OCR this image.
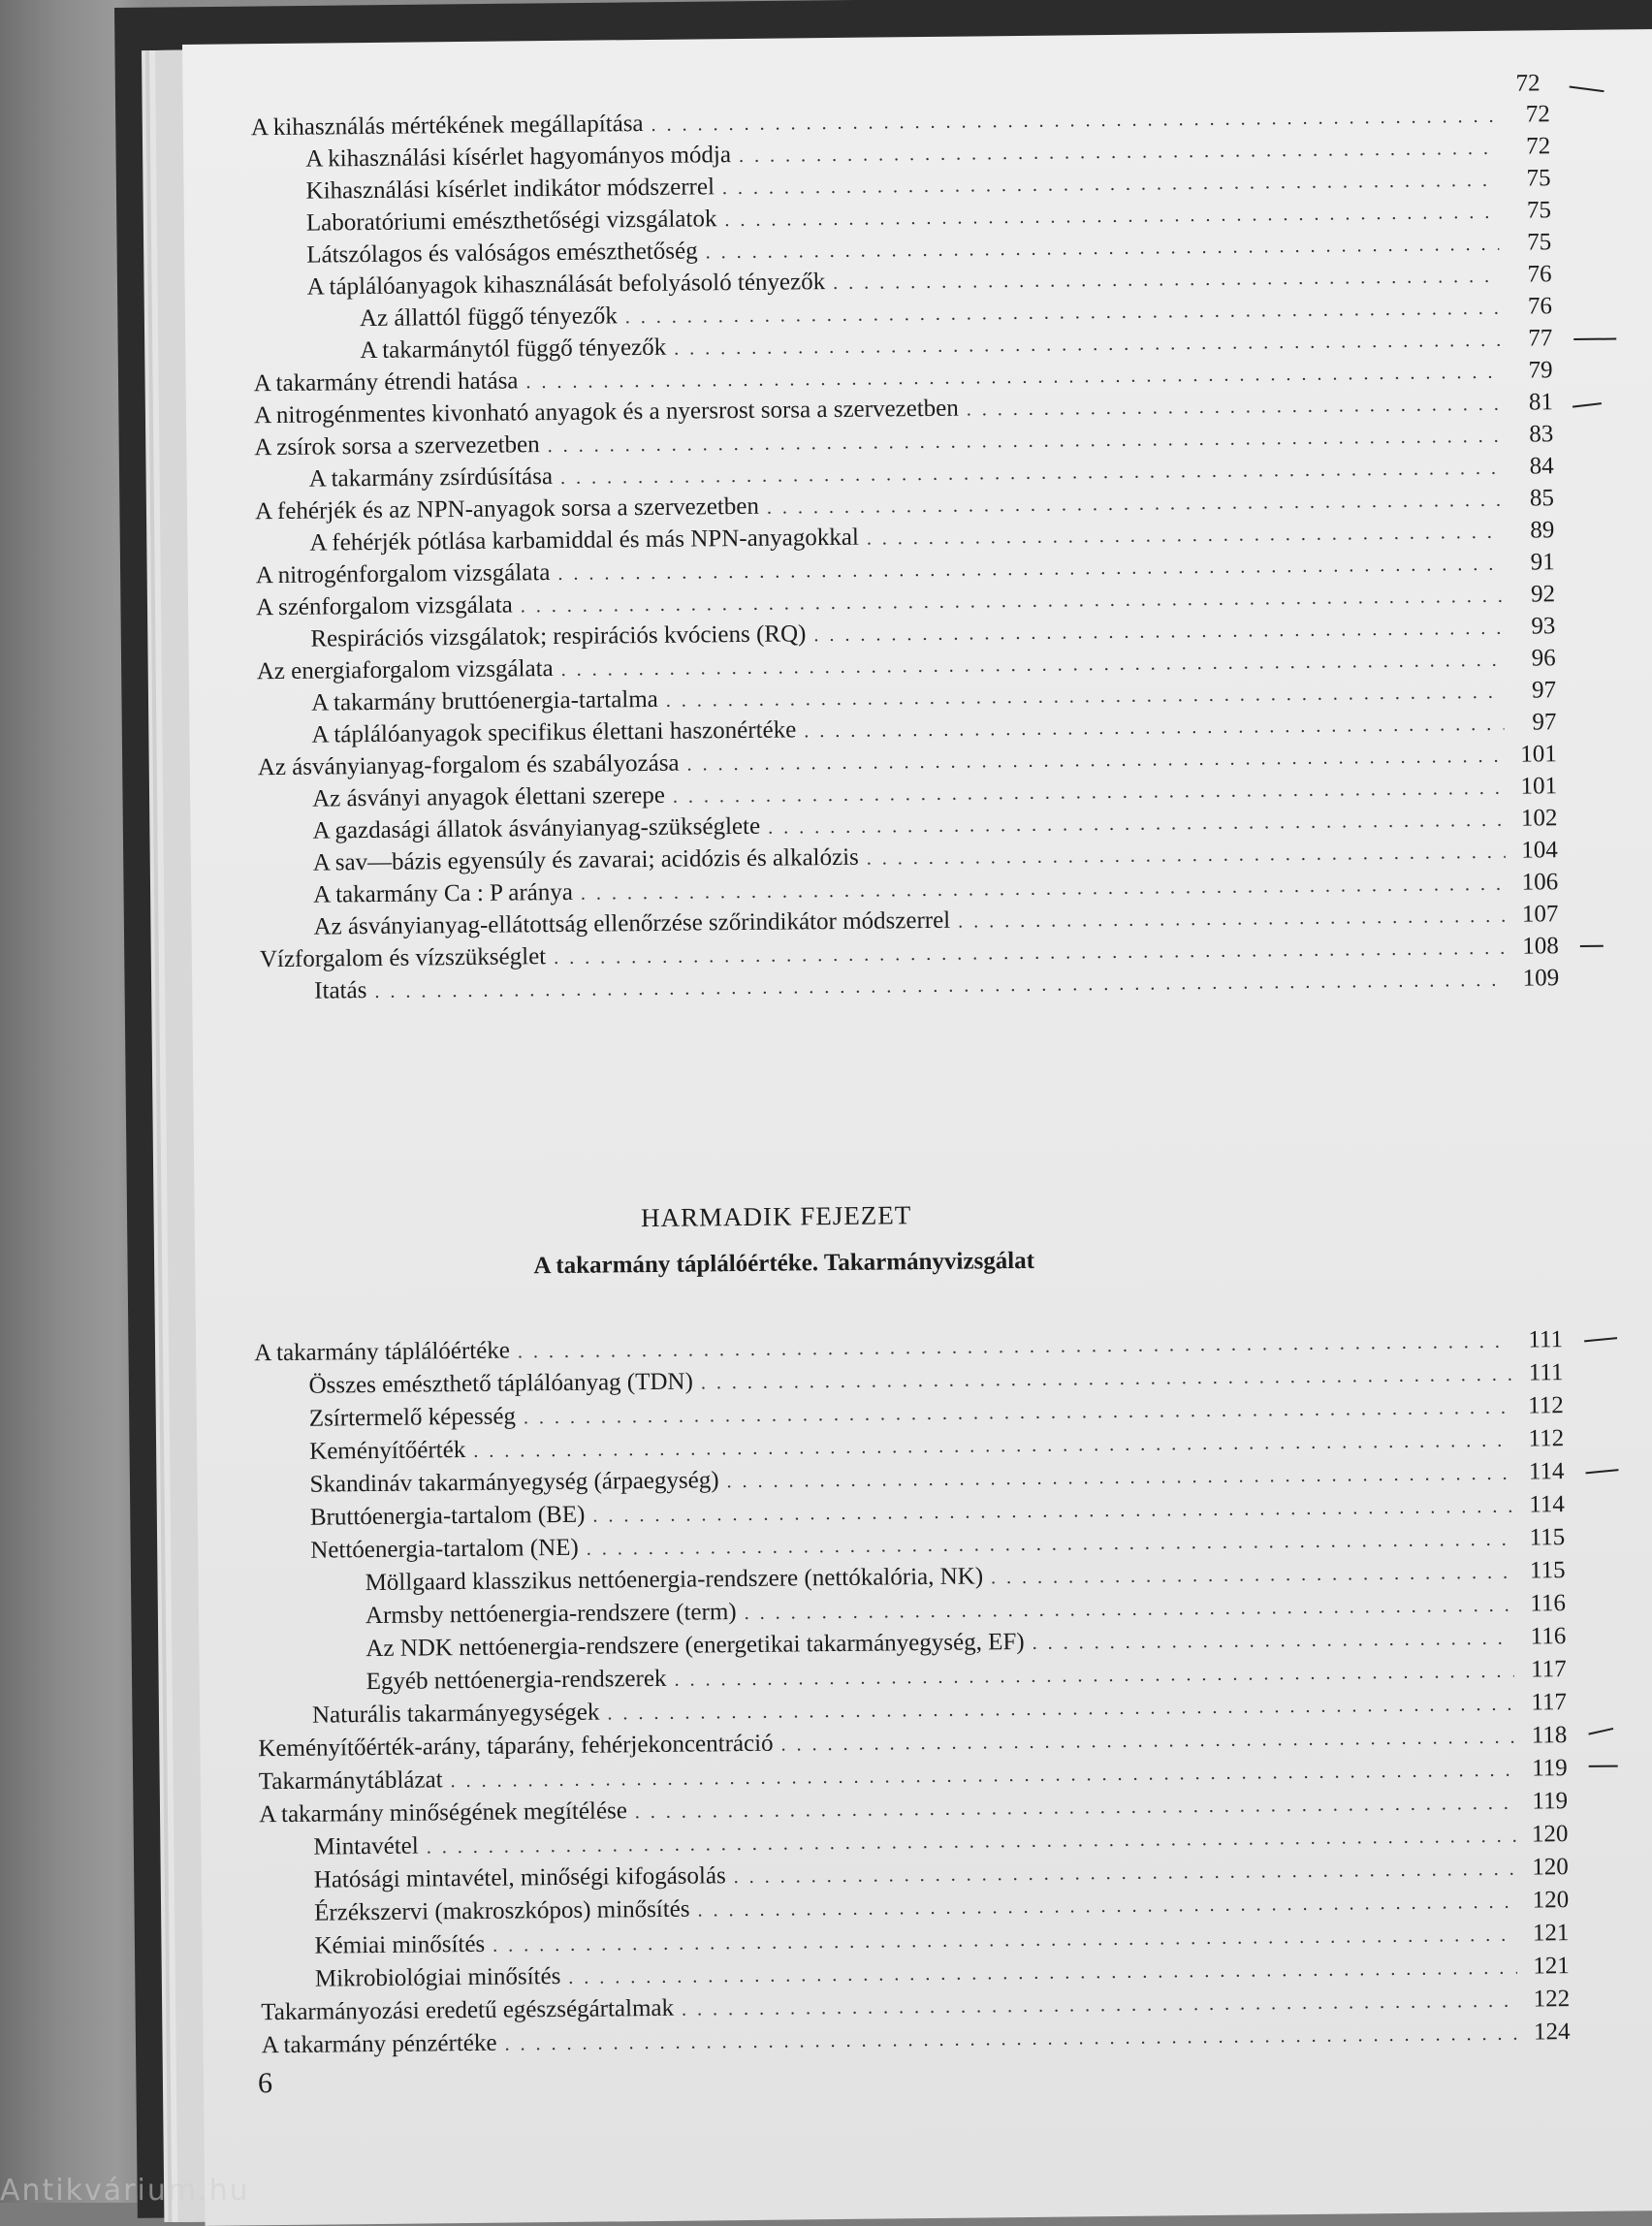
72
A kihasználás mértékének megállapítása . . .	72
A kihasználási kísérlet hagyományos módja . . .	72
Kihasználási kísérlet indikátor módszerrel . . .	75
Laboratóriumi emészthetőségi vizsgálatok . . .	75
Látszólagos és valóságos emészthetőség . . .	75
A táplálóanyagok kihasználását befolyásoló tényezők . . .	76
Az állattól függő tényezők . . .	76
A takarmánytól függő tényezők . . .	77
A takarmány étrendi hatása . . .	79
A nitrogénmentes kivonható anyagok és a nyersrost sorsa a szervezetben . . .	81
A zsírok sorsa a szervezetben . . .	83
A takarmány zsírdúsítása . . .	84
A fehérjék és az NPN-anyagok sorsa a szervezetben . . .	85
A fehérjék pótlása karbamiddal és más NPN-anyagokkal . . .	89
A nitrogénforgalom vizsgálata . . .	91
A szénforgalom vizsgálata . . .	92
Respirációs vizsgálatok; respirációs kvóciens (RQ) . . .	93
Az energiaforgalom vizsgálata . . .	96
A takarmány bruttóenergia-tartalma . . .	97
A táplálóanyagok specifikus élettani haszonértéke . . .	97
Az ásványianyag-forgalom és szabályozása . . .	101
Az ásványi anyagok élettani szerepe . . .	101
A gazdasági állatok ásványianyag-szükséglete . . .	102
A sav—bázis egyensúly és zavarai; acidózis és alkalózis . . .	104
A takarmány Ca : P aránya . . .	106
Az ásványianyag-ellátottság ellenőrzése szőrindikátor módszerrel . . .	107
Vízforgalom és vízszükséglet . . .	108
Itatás . . .	109
HARMADIK FEJEZET
A takarmány táplálóértéke. Takarmányvizsgálat
A takarmány táplálóértéke . . .	111
Összes emészthető táplálóanyag (TDN) . . .	111
Zsírtermelő képesség . . .	112
Keményítőérték . . .	112
Skandináv takarmányegység (árpaegység) . . .	114
Bruttóenergia-tartalom (BE) . . .	114
Nettóenergia-tartalom (NE) . . .	115
Möllgaard klasszikus nettóenergia-rendszere (nettókalória, NK) . . .	115
Armsby nettóenergia-rendszere (term) . . .	116
Az NDK nettóenergia-rendszere (energetikai takarmányegység, EF) . . .	116
Egyéb nettóenergia-rendszerek . . .	117
Naturális takarmányegységek . . .	117
Keményítőérték-arány, táparány, fehérjekoncentráció . . .	118
Takarmánytáblázat . . .	119
A takarmány minőségének megítélése . . .	119
Mintavétel . . .	120
Hatósági mintavétel, minőségi kifogásolás . . .	120
Érzékszervi (makroszkópos) minősítés . . .	120
Kémiai minősítés . . .	121
Mikrobiológiai minősítés . . .	121
Takarmányozási eredetű egészségártalmak . . .	122
A takarmány pénzértéke . . .	124
6
Antikvárium.hu
